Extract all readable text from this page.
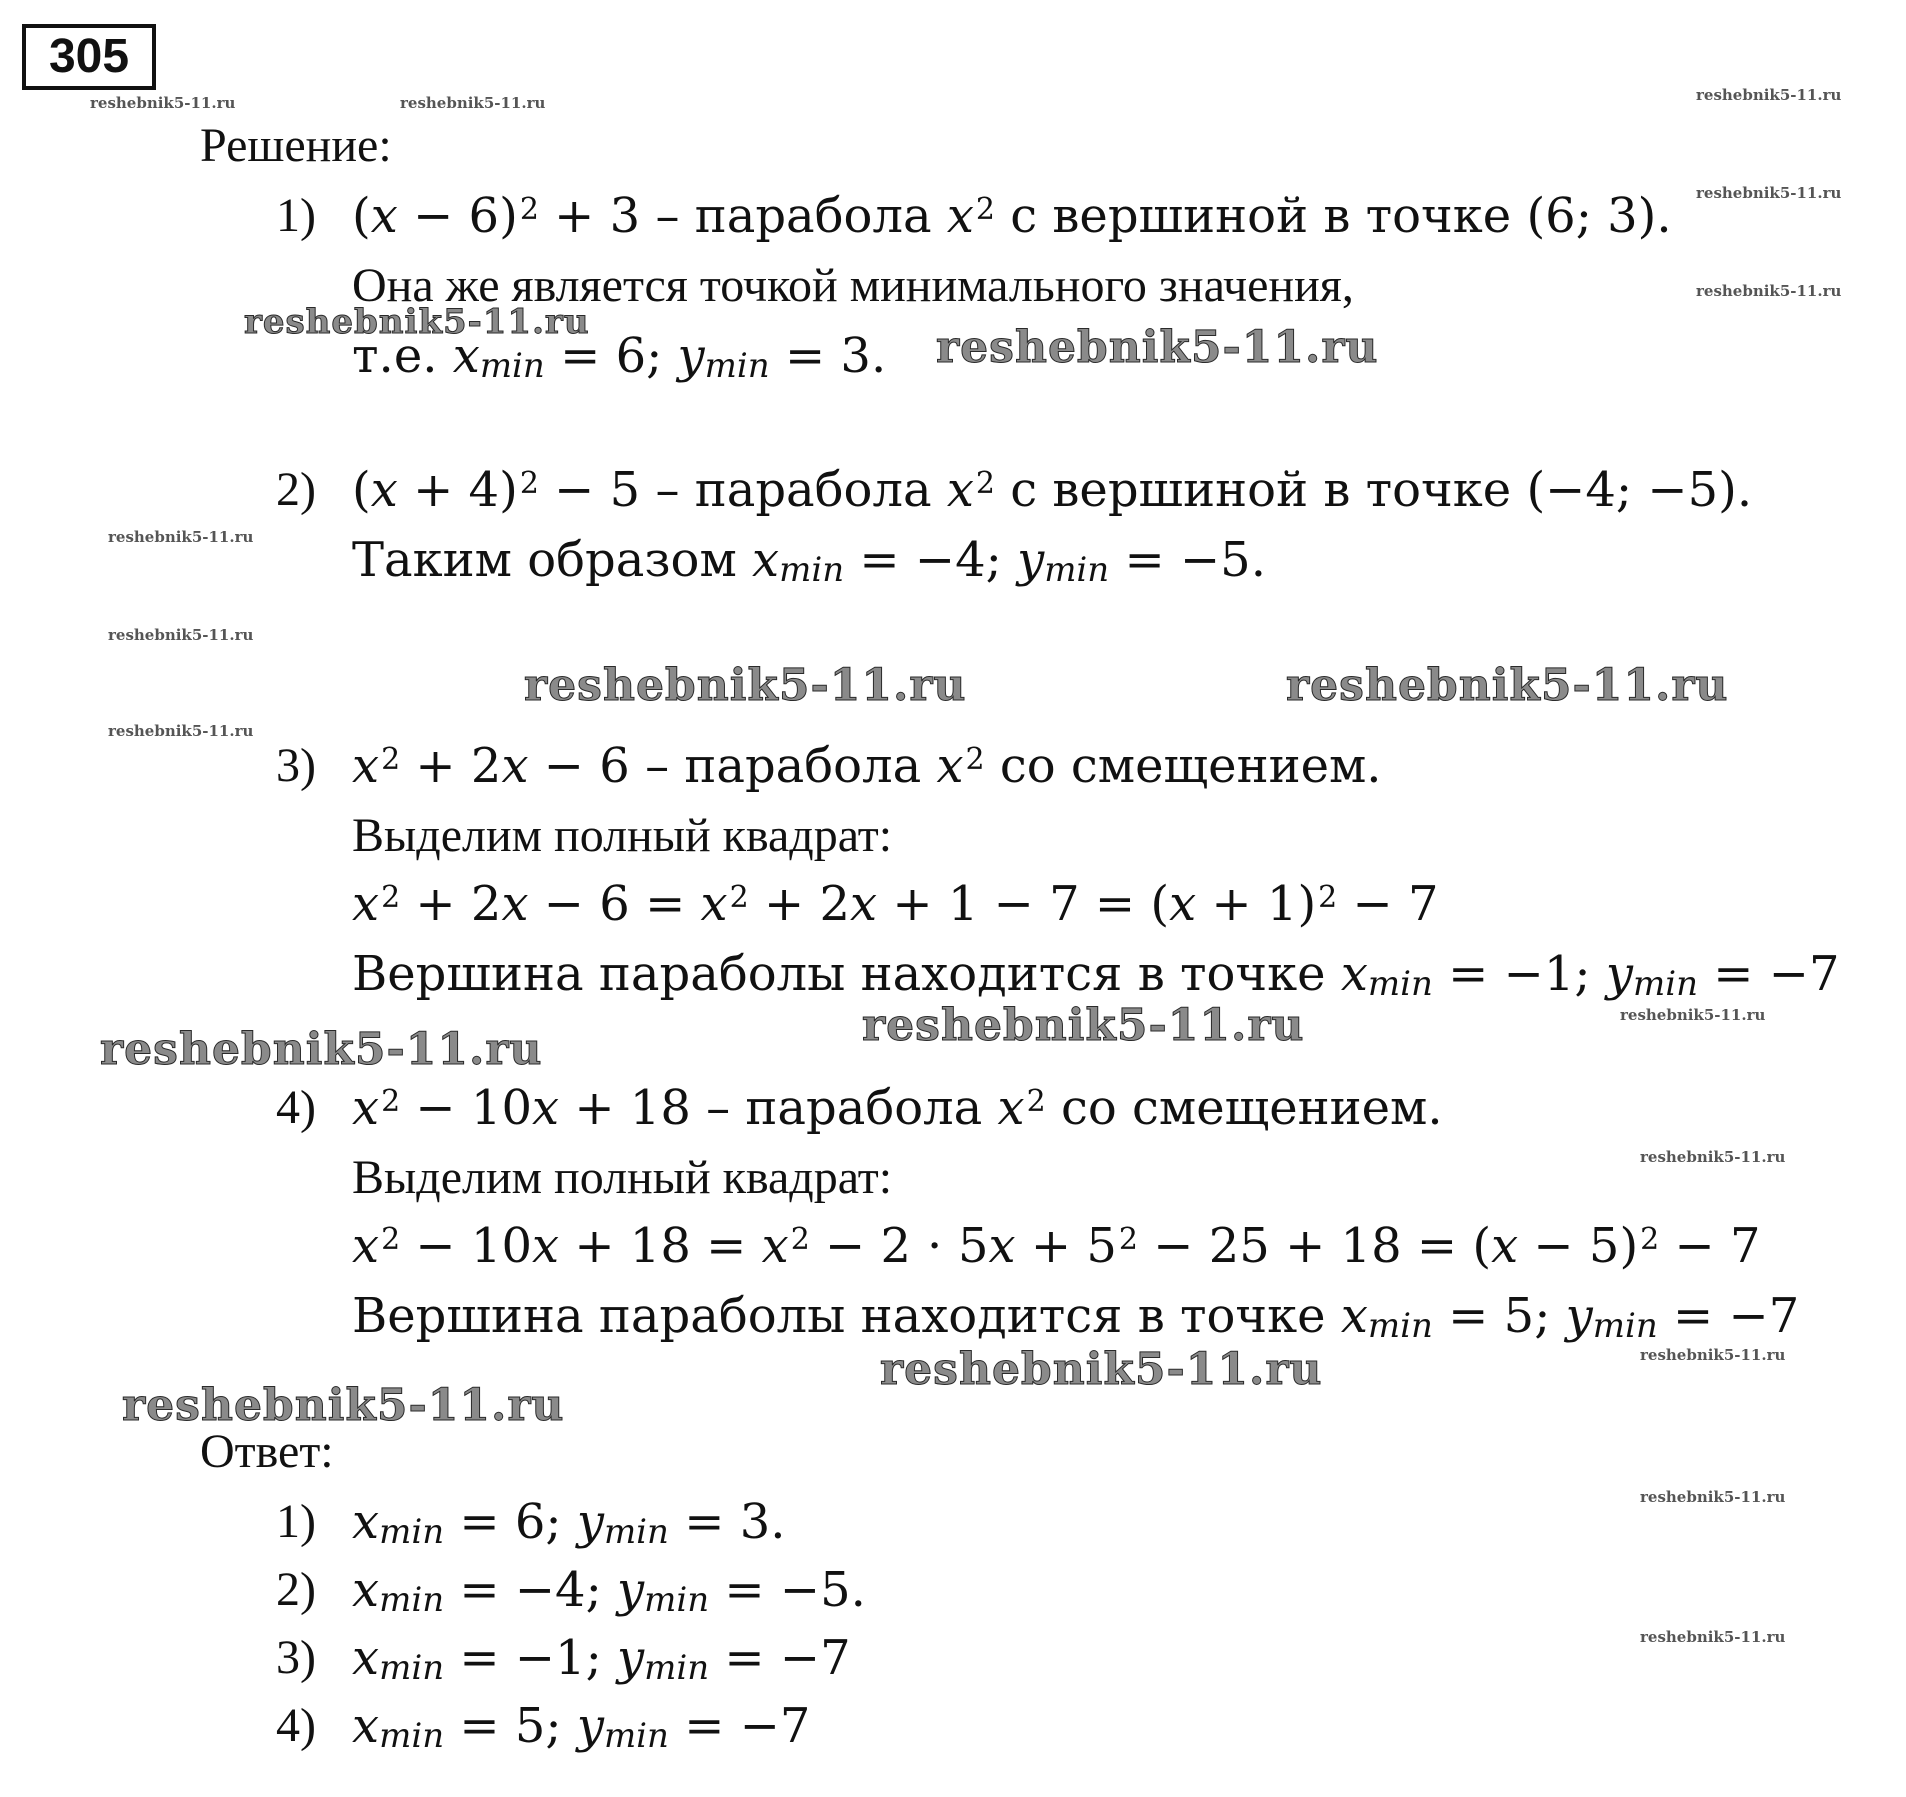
305
Решение:
1) $(x - 6)^2 + 3$ – парабола $x^2$ с вершиной в точке (6; 3).
Она же является точкой минимального значения,
т.е. $x_{min} = 6$; $y_{min} = 3$.
2) $(x + 4)^2 - 5$ – парабола $x^2$ с вершиной в точке (−4; −5).
Таким образом $x_{min} = -4$; $y_{min} = -5$.
3) $x^2 + 2x - 6$ – парабола $x^2$ со смещением.
Выделим полный квадрат:
$x^2 + 2x - 6 = x^2 + 2x + 1 - 7 = (x + 1)^2 - 7$
Вершина параболы находится в точке $x_{min} = -1$; $y_{min} = -7$
4) $x^2 - 10x + 18$ – парабола $x^2$ со смещением.
Выделим полный квадрат:
$x^2 - 10x + 18 = x^2 - 2 \cdot 5x + 5^2 - 25 + 18 = (x - 5)^2 - 7$
Вершина параболы находится в точке $x_{min} = 5$; $y_{min} = -7$
Ответ:
1) $x_{min} = 6$; $y_{min} = 3$.
2) $x_{min} = -4$; $y_{min} = -5$.
3) $x_{min} = -1$; $y_{min} = -7$
4) $x_{min} = 5$; $y_{min} = -7$
reshebnik5-11.ru	reshebnik5-11.ru	reshebnik5-11.ru
reshebnik5-11.ru
reshebnik5-11.ru
reshebnik5-11.ru
reshebnik5-11.ru
reshebnik5-11.ru
reshebnik5-11.ru
reshebnik5-11.ru
reshebnik5-11.ru
reshebnik5-11.ru
reshebnik5-11.ru
reshebnik5-11.ru	reshebnik5-11.ru
reshebnik5-11.ru	reshebnik5-11.ru
reshebnik5-11.ru
reshebnik5-11.ru
reshebnik5-11.ru
reshebnik5-11.ru
